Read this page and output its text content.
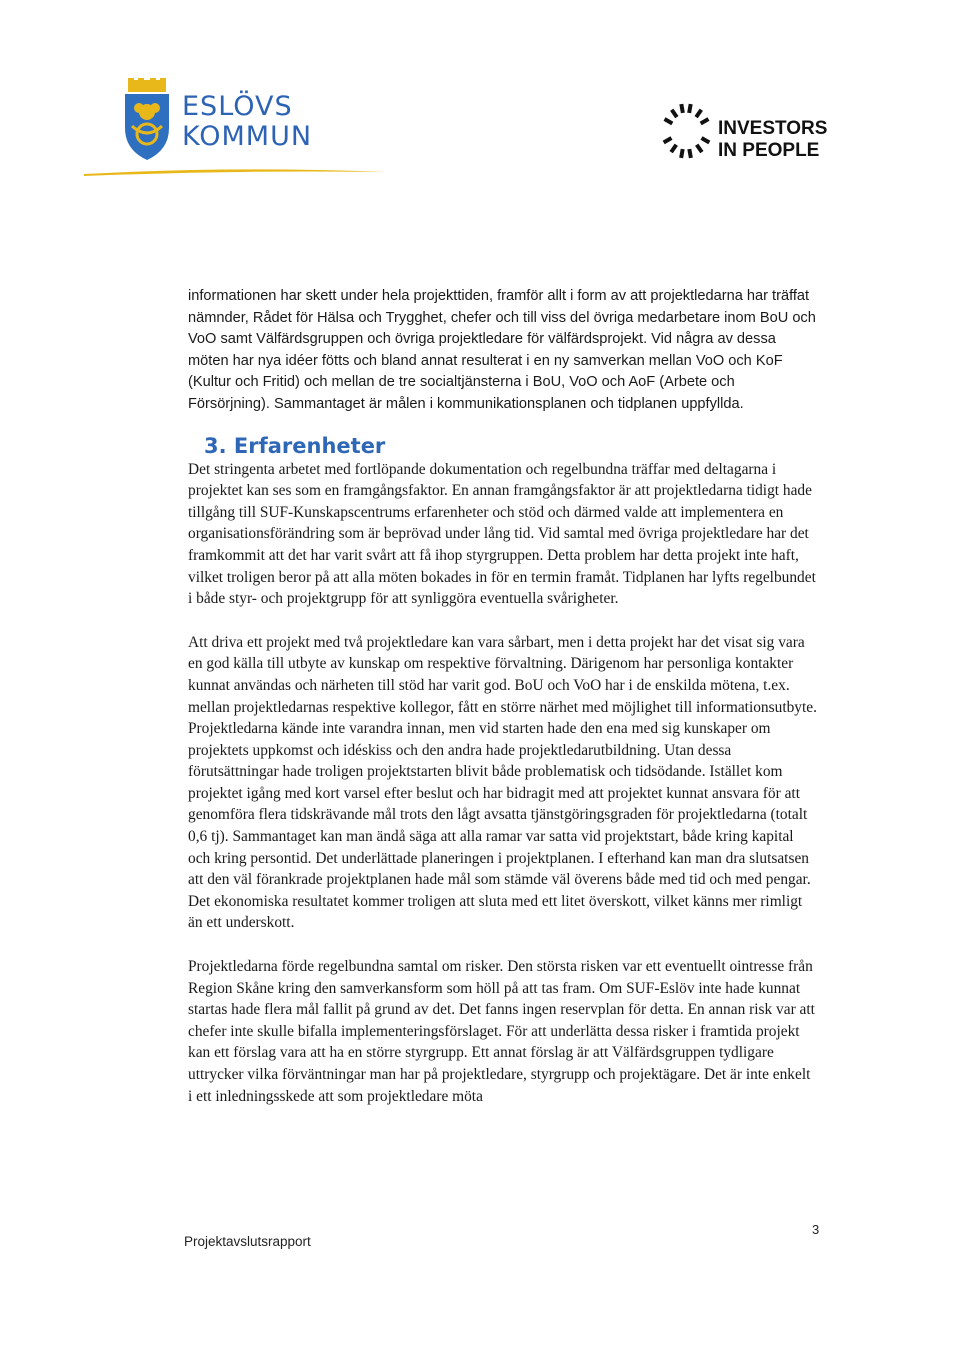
ESLÖVS
KOMMUN	INVESTORS
IN PEOPLE

informationen har skett under hela projekttiden, framför allt i form av att projektledarna har träffat nämnder, Rådet för Hälsa och Trygghet, chefer och till viss del övriga medarbetare inom BoU och VoO samt Välfärdsgruppen och övriga projektledare för välfärdsprojekt. Vid några av dessa möten har nya idéer fötts och bland annat resulterat i en ny samverkan mellan VoO och KoF (Kultur och Fritid) och mellan de tre socialtjänsterna i BoU, VoO och AoF (Arbete och Försörjning). Sammantaget är målen i kommunikationsplanen och tidplanen uppfyllda.

3. Erfarenheter

Det stringenta arbetet med fortlöpande dokumentation och regelbundna träffar med deltagarna i projektet kan ses som en framgångsfaktor. En annan framgångsfaktor är att projektledarna tidigt hade tillgång till SUF-Kunskapscentrums erfarenheter och stöd och därmed valde att implementera en organisationsförändring som är beprövad under lång tid. Vid samtal med övriga projektledare har det framkommit att det har varit svårt att få ihop styrgruppen. Detta problem har detta projekt inte haft, vilket troligen beror på att alla möten bokades in för en termin framåt. Tidplanen har lyfts regelbundet i både styr- och projektgrupp för att synliggöra eventuella svårigheter.

Att driva ett projekt med två projektledare kan vara sårbart, men i detta projekt har det visat sig vara en god källa till utbyte av kunskap om respektive förvaltning. Därigenom har personliga kontakter kunnat användas och närheten till stöd har varit god. BoU och VoO har i de enskilda mötena, t.ex. mellan projektledarnas respektive kollegor, fått en större närhet med möjlighet till informationsutbyte. Projektledarna kände inte varandra innan, men vid starten hade den ena med sig kunskaper om projektets uppkomst och idéskiss och den andra hade projektledarutbildning. Utan dessa förutsättningar hade troligen projektstarten blivit både problematisk och tidsödande. Istället kom projektet igång med kort varsel efter beslut och har bidragit med att projektet kunnat ansvara för att genomföra flera tidskrävande mål trots den lågt avsatta tjänstgöringsgraden för projektledarna (totalt 0,6 tj). Sammantaget kan man ändå säga att alla ramar var satta vid projektstart, både kring kapital och kring persontid. Det underlättade planeringen i projektplanen. I efterhand kan man dra slutsatsen att den väl förankrade projektplanen hade mål som stämde väl överens både med tid och med pengar. Det ekonomiska resultatet kommer troligen att sluta med ett litet överskott, vilket känns mer rimligt än ett underskott.

Projektledarna förde regelbundna samtal om risker. Den största risken var ett eventuellt ointresse från Region Skåne kring den samverkansform som höll på att tas fram. Om SUF-Eslöv inte hade kunnat startas hade flera mål fallit på grund av det. Det fanns ingen reservplan för detta. En annan risk var att chefer inte skulle bifalla implementeringsförslaget. För att underlätta dessa risker i framtida projekt kan ett förslag vara att ha en större styrgrupp. Ett annat förslag är att Välfärdsgruppen tydligare uttrycker vilka förväntningar man har på projektledare, styrgrupp och projektägare. Det är inte enkelt i ett inledningsskede att som projektledare möta

Projektavslutsrapport
3
